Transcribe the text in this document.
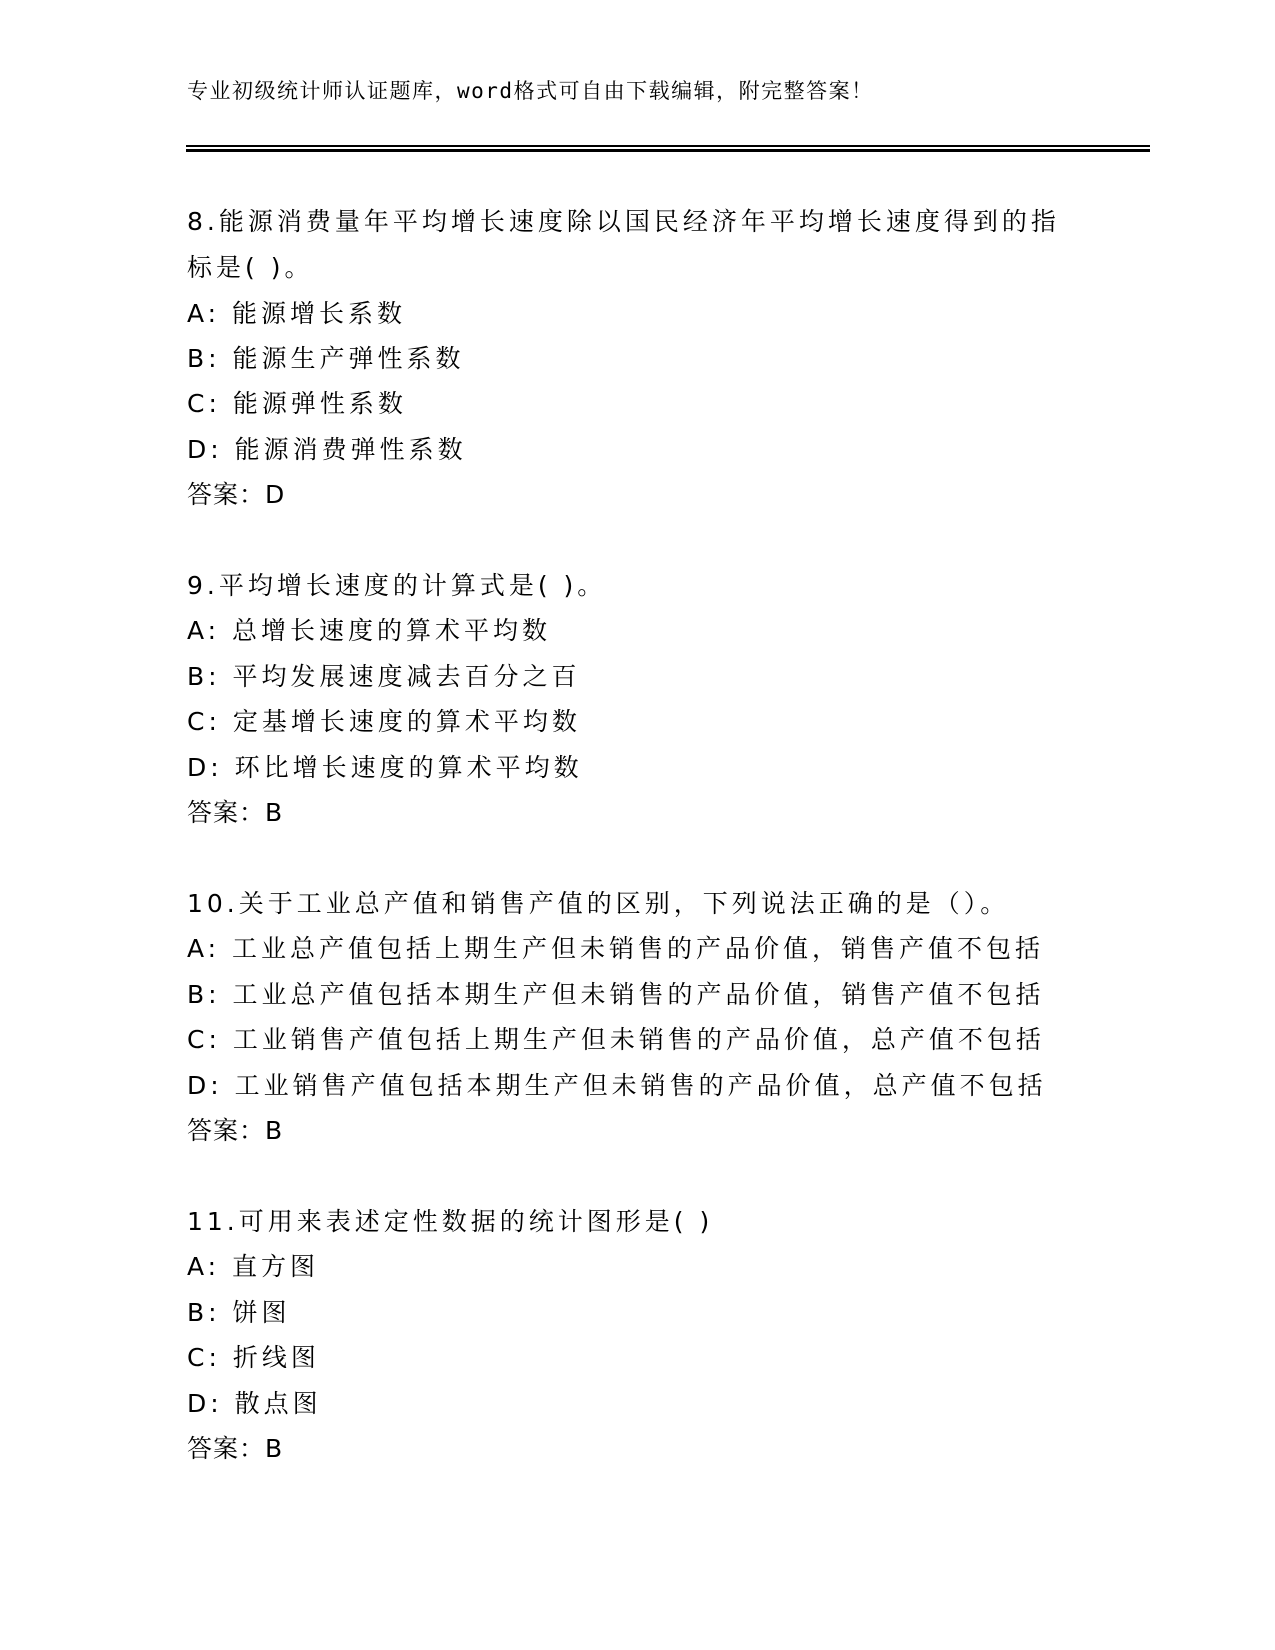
专业初级统计师认证题库，word格式可自由下载编辑，附完整答案！
8.能源消费量年平均增长速度除以国民经济年平均增长速度得到的指
标是( )。
A: 能源增长系数
B: 能源生产弹性系数
C: 能源弹性系数
D: 能源消费弹性系数
答案：D
9.平均增长速度的计算式是( )。
A: 总增长速度的算术平均数
B: 平均发展速度减去百分之百
C: 定基增长速度的算术平均数
D: 环比增长速度的算术平均数
答案：B
10.关于工业总产值和销售产值的区别，下列说法正确的是（）。
A: 工业总产值包括上期生产但未销售的产品价值，销售产值不包括
B: 工业总产值包括本期生产但未销售的产品价值，销售产值不包括
C: 工业销售产值包括上期生产但未销售的产品价值，总产值不包括
D: 工业销售产值包括本期生产但未销售的产品价值，总产值不包括
答案：B
11.可用来表述定性数据的统计图形是( )
A: 直方图
B: 饼图
C: 折线图
D: 散点图
答案：B
